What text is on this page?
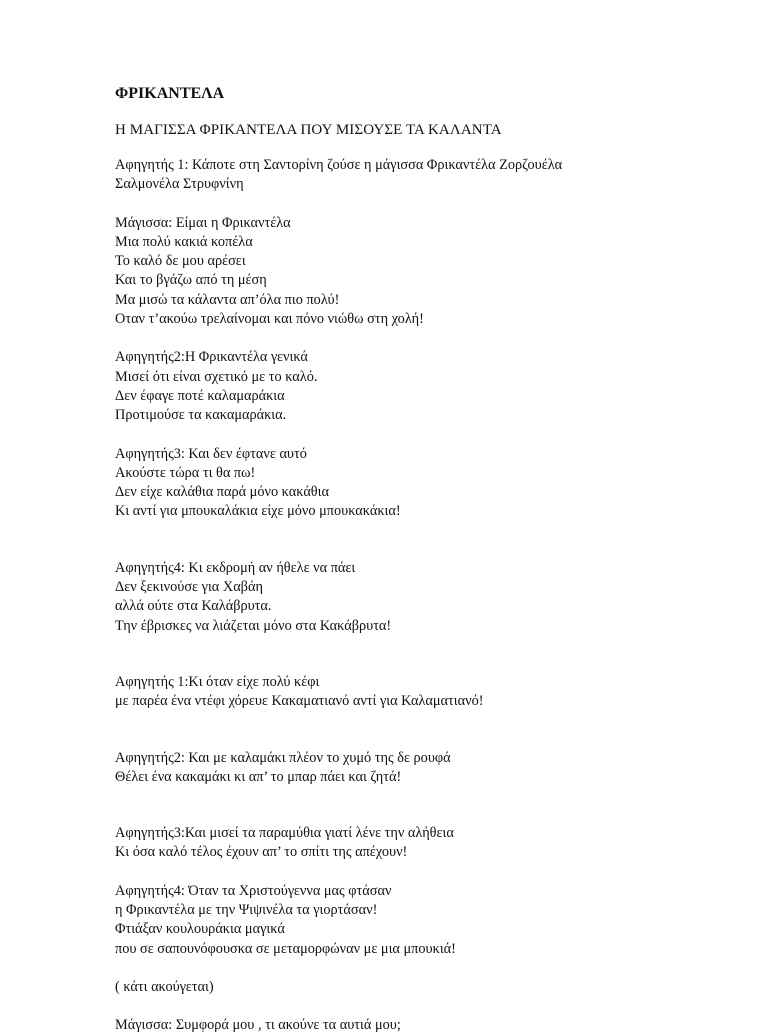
ΦΡΙΚΑΝΤΕΛΑ
Η ΜΑΓΙΣΣΑ ΦΡΙΚΑΝΤΕΛΑ ΠΟΥ ΜΙΣΟΥΣΕ ΤΑ ΚΑΛΑΝΤΑ
Αφηγητής 1: Κάποτε στη Σαντορίνη ζούσε η μάγισσα Φρικαντέλα Ζορζουέλα
Σαλμονέλα Στρυφνίνη
Μάγισσα: Είμαι η Φρικαντέλα
Μια πολύ κακιά κοπέλα
Το καλό δε μου αρέσει
Και το βγάζω από τη μέση
Μα μισώ τα κάλαντα απ’όλα πιο πολύ!
Οταν τ’ακούω τρελαίνομαι και πόνο νιώθω στη χολή!
Αφηγητής2:Η Φρικαντέλα γενικά
Μισεί ότι είναι σχετικό με το καλό.
Δεν έφαγε ποτέ καλαμαράκια
Προτιμούσε τα κακαμαράκια.
Αφηγητής3: Και δεν έφτανε αυτό
Ακούστε τώρα τι θα πω!
Δεν είχε καλάθια παρά μόνο κακάθια
Κι αντί για μπουκαλάκια είχε μόνο μπουκακάκια!
Αφηγητής4: Κι εκδρομή αν ήθελε να πάει
Δεν ξεκινούσε για Χαβάη
αλλά ούτε στα Καλάβρυτα.
Την έβρισκες να λιάζεται μόνο στα Κακάβρυτα!
Αφηγητής 1:Κι όταν είχε πολύ κέφι
με παρέα ένα ντέφι χόρευε Κακαματιανό αντί για Καλαματιανό!
Αφηγητής2: Και με καλαμάκι πλέον το χυμό της δε ρουφά
Θέλει ένα κακαμάκι κι απ’ το μπαρ πάει και ζητά!
Αφηγητής3:Και μισεί τα παραμύθια γιατί λένε την αλήθεια
Κι όσα καλό τέλος έχουν απ’ το σπίτι της απέχουν!
Αφηγητής4: Όταν τα Χριστούγεννα μας φτάσαν
η Φρικαντέλα με την Ψιψινέλα τα γιορτάσαν!
Φτιάξαν κουλουράκια μαγικά
που σε σαπουνόφουσκα σε μεταμορφώναν με μια μπουκιά!
( κάτι ακούγεται)
Μάγισσα: Συμφορά μου , τι ακούνε τα αυτιά μου;
